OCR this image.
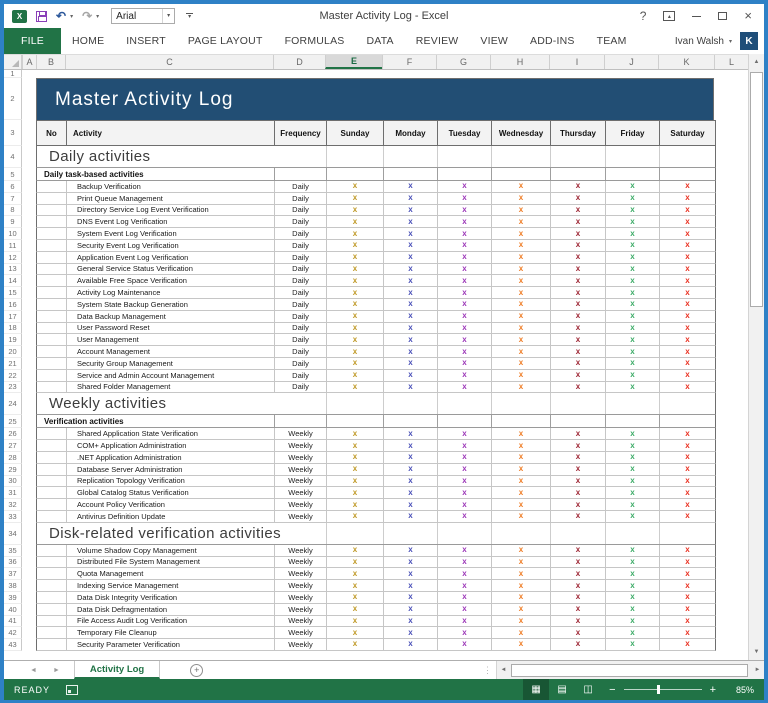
X	↶ ▾ ↷ ▾	Arial	▾	▾	Master Activity Log - Excel	?	▴	×
FILE	HOME	INSERT	PAGE LAYOUT	FORMULAS	DATA	REVIEW	VIEW	ADD-INS	TEAM	Ivan Walsh ▾	K
A	B	C	D	E	F	G	H	I	J	K	L
1
2	Master Activity Log
3	No	Activity	Frequency	Sunday	Monday	Tuesday	Wednesday	Thursday	Friday	Saturday
4	Daily activities
5	Daily task-based activities
6	Backup Verification	Daily	x	x	x	x	x	x	x
7	Print Queue Management	Daily	x	x	x	x	x	x	x
8	Directory Service Log Event Verification	Daily	x	x	x	x	x	x	x
9	DNS Event Log Verification	Daily	x	x	x	x	x	x	x
10	System Event Log Verification	Daily	x	x	x	x	x	x	x
11	Security Event Log Verification	Daily	x	x	x	x	x	x	x
12	Application Event Log Verification	Daily	x	x	x	x	x	x	x
13	General Service Status Verification	Daily	x	x	x	x	x	x	x
14	Available Free Space Verification	Daily	x	x	x	x	x	x	x
15	Activity Log Maintenance	Daily	x	x	x	x	x	x	x
16	System State Backup Generation	Daily	x	x	x	x	x	x	x
17	Data Backup Management	Daily	x	x	x	x	x	x	x
18	User Password Reset	Daily	x	x	x	x	x	x	x
19	User Management	Daily	x	x	x	x	x	x	x
20	Account Management	Daily	x	x	x	x	x	x	x
21	Security Group Management	Daily	x	x	x	x	x	x	x
22	Service and Admin Account Management	Daily	x	x	x	x	x	x	x
23	Shared Folder Management	Daily	x	x	x	x	x	x	x
24	Weekly activities
25	Verification activities
26	Shared Application State Verification	Weekly	x	x	x	x	x	x	x
27	COM+ Application Administration	Weekly	x	x	x	x	x	x	x
28	.NET Application Administration	Weekly	x	x	x	x	x	x	x
29	Database Server Administration	Weekly	x	x	x	x	x	x	x
30	Replication Topology Verification	Weekly	x	x	x	x	x	x	x
31	Global Catalog Status Verification	Weekly	x	x	x	x	x	x	x
32	Account Policy Verification	Weekly	x	x	x	x	x	x	x
33	Antivirus Definition Update	Weekly	x	x	x	x	x	x	x
34	Disk-related verification activities
35	Volume Shadow Copy Management	Weekly	x	x	x	x	x	x	x
36	Distributed File System Management	Weekly	x	x	x	x	x	x	x
37	Quota Management	Weekly	x	x	x	x	x	x	x
38	Indexing Service Management	Weekly	x	x	x	x	x	x	x
39	Data Disk Integrity Verification	Weekly	x	x	x	x	x	x	x
40	Data Disk Defragmentation	Weekly	x	x	x	x	x	x	x
41	File Access Audit Log Verification	Weekly	x	x	x	x	x	x	x
42	Temporary File Cleanup	Weekly	x	x	x	x	x	x	x
43	Security Parameter Verification	Weekly	x	x	x	x	x	x	x
▲
▼
◄ ►	Activity Log	+	⋮	◄	►
READY	▦	▤	◫	−	+	85%
